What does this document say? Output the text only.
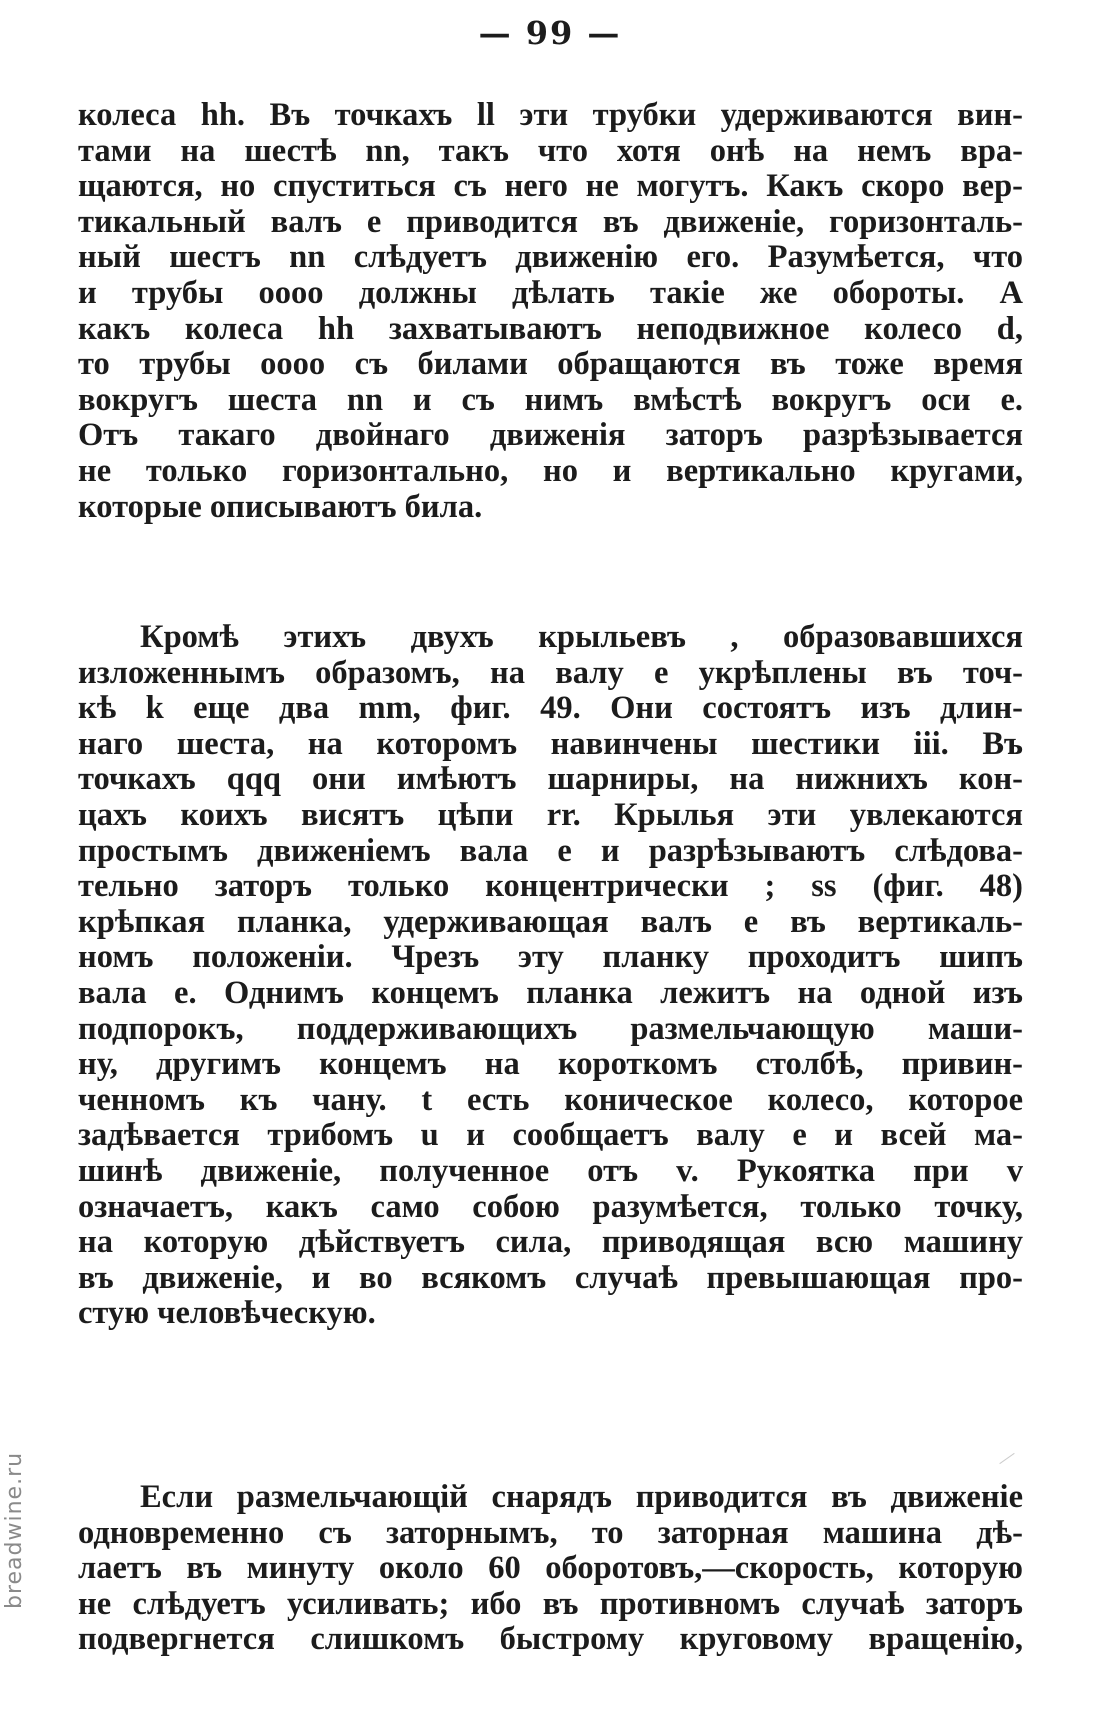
— 99 —
колеса hh. Въ точкахъ ll эти трубки удерживаются вин-
тами на шестѣ nn, такъ что хотя онѣ на немъ вра-
щаются, но спуститься съ него не могутъ. Какъ скоро вер-
тикальный валъ e приводится въ движеніе, горизонталь-
ный шестъ nn слѣдуетъ движенію его. Разумѣется, что
и трубы oooo должны дѣлать такіе же обороты. А
какъ колеса hh захватываютъ неподвижное колесо d,
то трубы oooo съ билами обращаются въ тоже время
вокругъ шеста nn и съ нимъ вмѣстѣ вокругъ оси e.
Отъ такаго двойнаго движенія заторъ разрѣзывается
не только горизонтально, но и вертикально кругами,
которые описываютъ била.
Кромѣ этихъ двухъ крыльевъ , образовавшихся
изложеннымъ образомъ, на валу e укрѣплены въ точ-
кѣ k еще два mm, фиг. 49. Они состоятъ изъ длин-
наго шеста, на которомъ навинчены шестики iii. Въ
точкахъ qqq они имѣютъ шарниры, на нижнихъ кон-
цахъ коихъ висятъ цѣпи rr. Крылья эти увлекаются
простымъ движеніемъ вала e и разрѣзываютъ слѣдова-
тельно заторъ только концентрически ; ss (фиг. 48)
крѣпкая планка, удерживающая валъ e въ вертикаль-
номъ положеніи. Чрезъ эту планку проходитъ шипъ
вала e. Однимъ концемъ планка лежитъ на одной изъ
подпорокъ, поддерживающихъ размельчающую маши-
ну, другимъ концемъ на короткомъ столбѣ, привин-
ченномъ къ чану. t есть коническое колесо, которое
задѣвается трибомъ u и сообщаетъ валу e и всей ма-
шинѣ движеніе, полученное отъ v. Рукоятка при v
означаетъ, какъ само собою разумѣется, только точку,
на которую дѣйствуетъ сила, приводящая всю машину
въ движеніе, и во всякомъ случаѣ превышающая про-
стую человѣческую.
Если размельчающій снарядъ приводится въ движеніе
одновременно съ заторнымъ, то заторная машина дѣ-
лаетъ въ минуту около 60 оборотовъ,—скорость, которую
не слѣдуетъ усиливать; ибо въ противномъ случаѣ заторъ
подвергнется слишкомъ быстрому круговому вращенію,
breadwine.ru
